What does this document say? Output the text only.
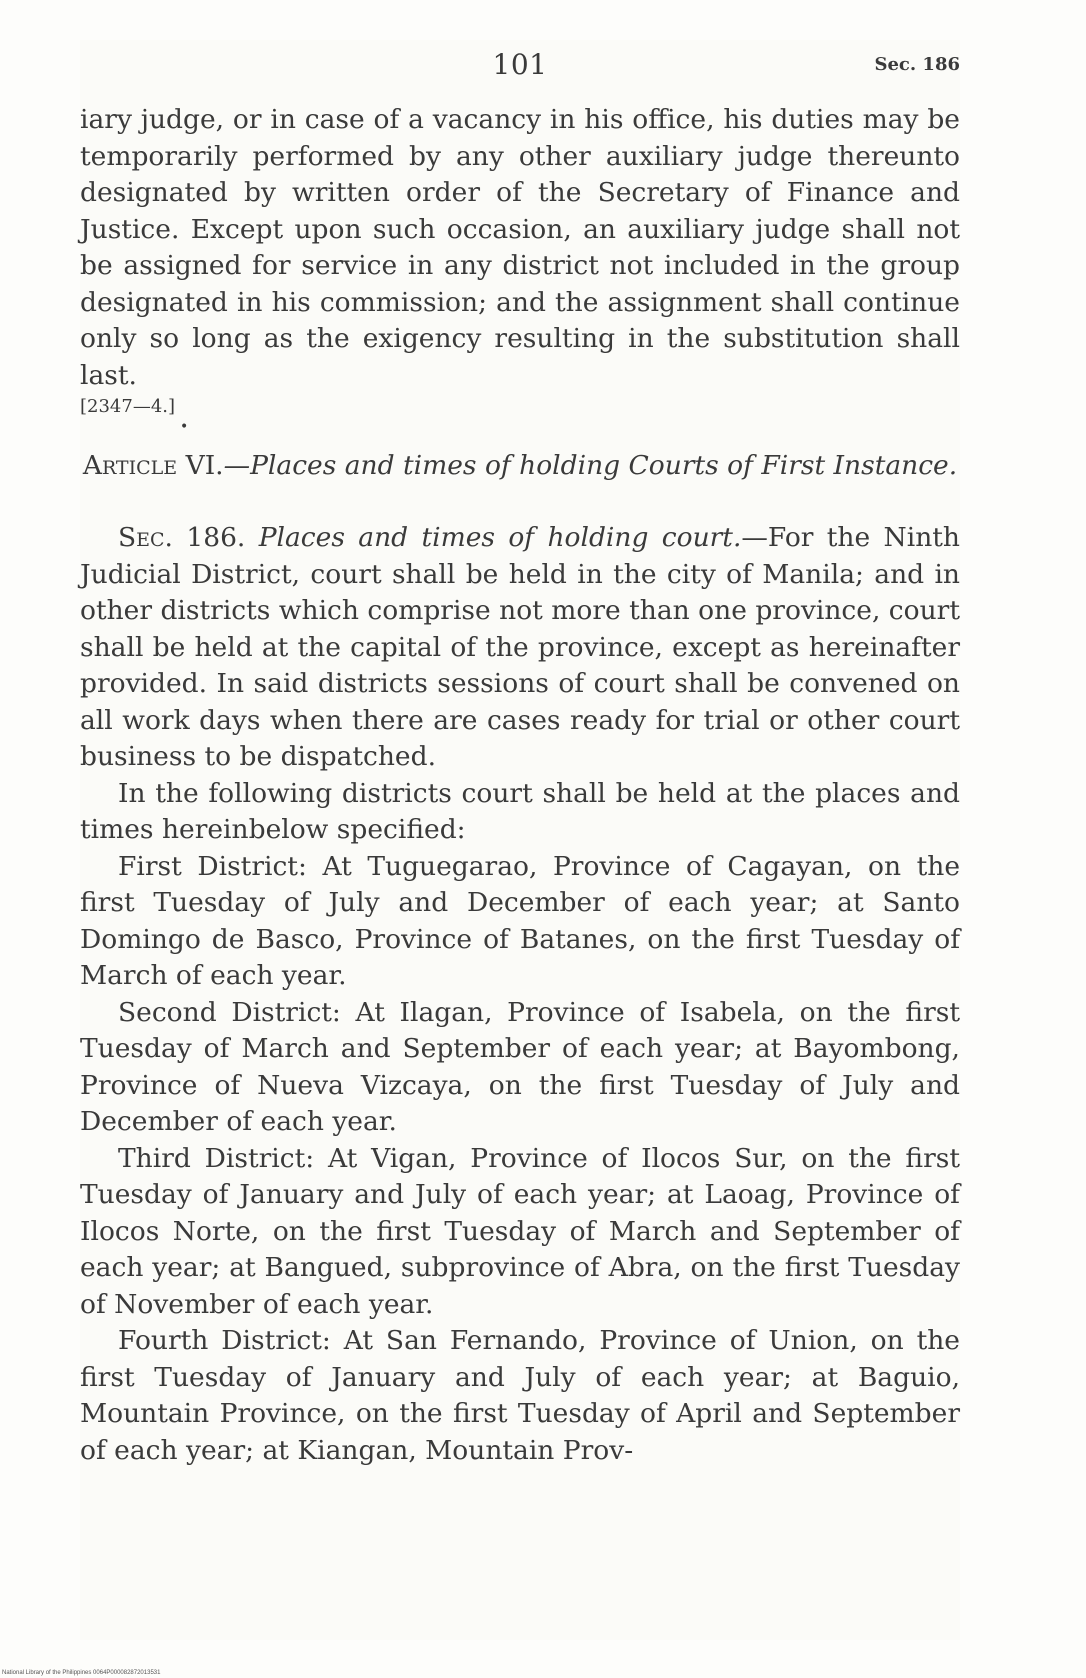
101	Sec. 186

iary judge, or in case of a vacancy in his office, his duties may be temporarily performed by any other auxiliary judge thereunto designated by written order of the Secretary of Finance and Justice. Except upon such occasion, an auxiliary judge shall not be assigned for service in any district not included in the group designated in his commission; and the assignment shall continue only so long as the exigency resulting in the substitution shall last.

[2347—4.]

•
Article VI.—Places and times of holding Courts of First Instance.

Sec. 186. Places and times of holding court.—For the Ninth Judicial District, court shall be held in the city of Manila; and in other districts which comprise not more than one province, court shall be held at the capital of the province, except as hereinafter provided. In said districts sessions of court shall be convened on all work days when there are cases ready for trial or other court business to be dispatched.

In the following districts court shall be held at the places and times hereinbelow specified:

First District: At Tuguegarao, Province of Cagayan, on the first Tuesday of July and December of each year; at Santo Domingo de Basco, Province of Batanes, on the first Tuesday of March of each year.

Second District: At Ilagan, Province of Isabela, on the first Tuesday of March and September of each year; at Bayombong, Province of Nueva Vizcaya, on the first Tuesday of July and December of each year.

Third District: At Vigan, Province of Ilocos Sur, on the first Tuesday of January and July of each year; at Laoag, Province of Ilocos Norte, on the first Tuesday of March and September of each year; at Bangued, subprovince of Abra, on the first Tuesday of November of each year.

Fourth District: At San Fernando, Province of Union, on the first Tuesday of January and July of each year; at Baguio, Mountain Province, on the first Tuesday of April and September of each year; at Kiangan, Mountain Prov-

National Library of the Philippines 0064P000082872013531
